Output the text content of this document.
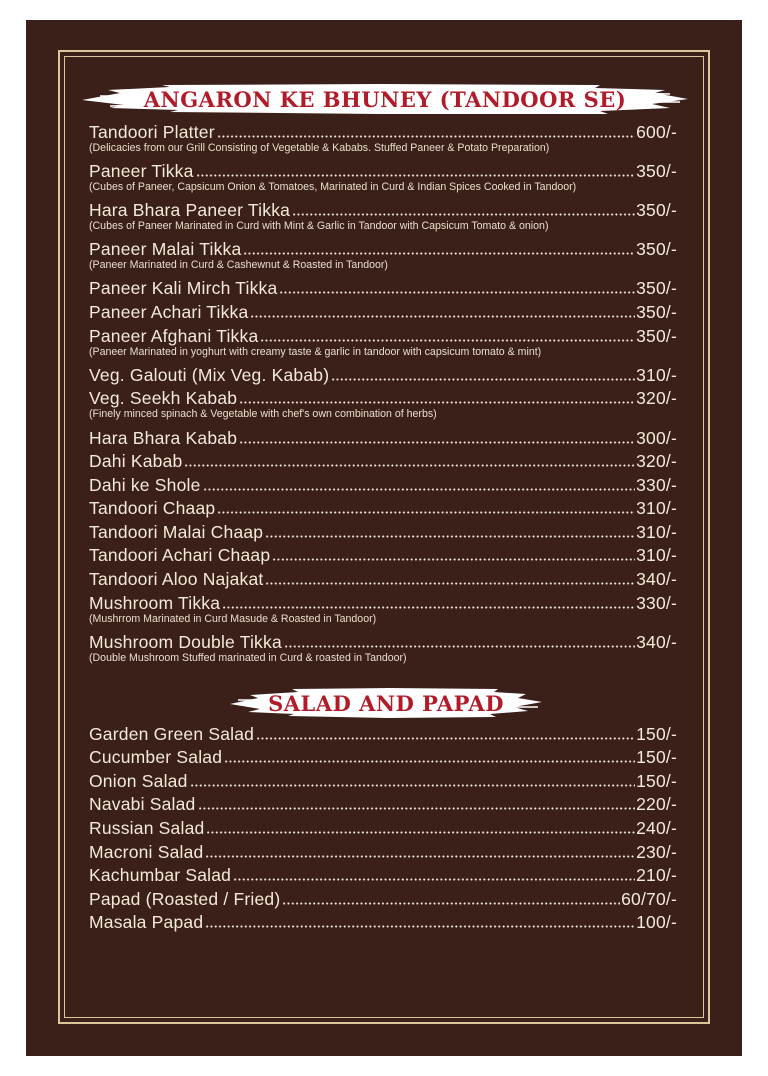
ANGARON KE BHUNEY (TANDOOR SE)
Tandoori Platter	600/-
(Delicacies from our Grill Consisting of Vegetable & Kababs. Stuffed Paneer & Potato Preparation)
Paneer Tikka	350/-
(Cubes of Paneer, Capsicum Onion & Tomatoes, Marinated in Curd & Indian Spices Cooked in Tandoor)
Hara Bhara Paneer Tikka	350/-
(Cubes of Paneer Marinated in Curd with Mint & Garlic in Tandoor with Capsicum Tomato & onion)
Paneer Malai Tikka	350/-
(Paneer Marinated in Curd & Cashewnut & Roasted in Tandoor)
Paneer Kali Mirch Tikka	350/-
Paneer Achari Tikka	350/-
Paneer Afghani Tikka	350/-
(Paneer Marinated in yoghurt with creamy taste & garlic in tandoor with capsicum tomato & mint)
Veg. Galouti (Mix Veg. Kabab)	310/-
Veg. Seekh Kabab	320/-
(Finely minced spinach & Vegetable with chef's own combination of herbs)
Hara Bhara Kabab	300/-
Dahi Kabab	320/-
Dahi ke Shole	330/-
Tandoori Chaap	310/-
Tandoori Malai Chaap	310/-
Tandoori Achari Chaap	310/-
Tandoori Aloo Najakat	340/-
Mushroom Tikka	330/-
(Mushrrom Marinated in Curd Masude & Roasted in Tandoor)
Mushroom Double Tikka	340/-
(Double Mushroom Stuffed marinated in Curd & roasted in Tandoor)
SALAD AND PAPAD
Garden Green Salad	150/-
Cucumber Salad	150/-
Onion Salad	150/-
Navabi Salad	220/-
Russian Salad	240/-
Macroni Salad	230/-
Kachumbar Salad	210/-
Papad (Roasted / Fried)	60/70/-
Masala Papad	100/-
